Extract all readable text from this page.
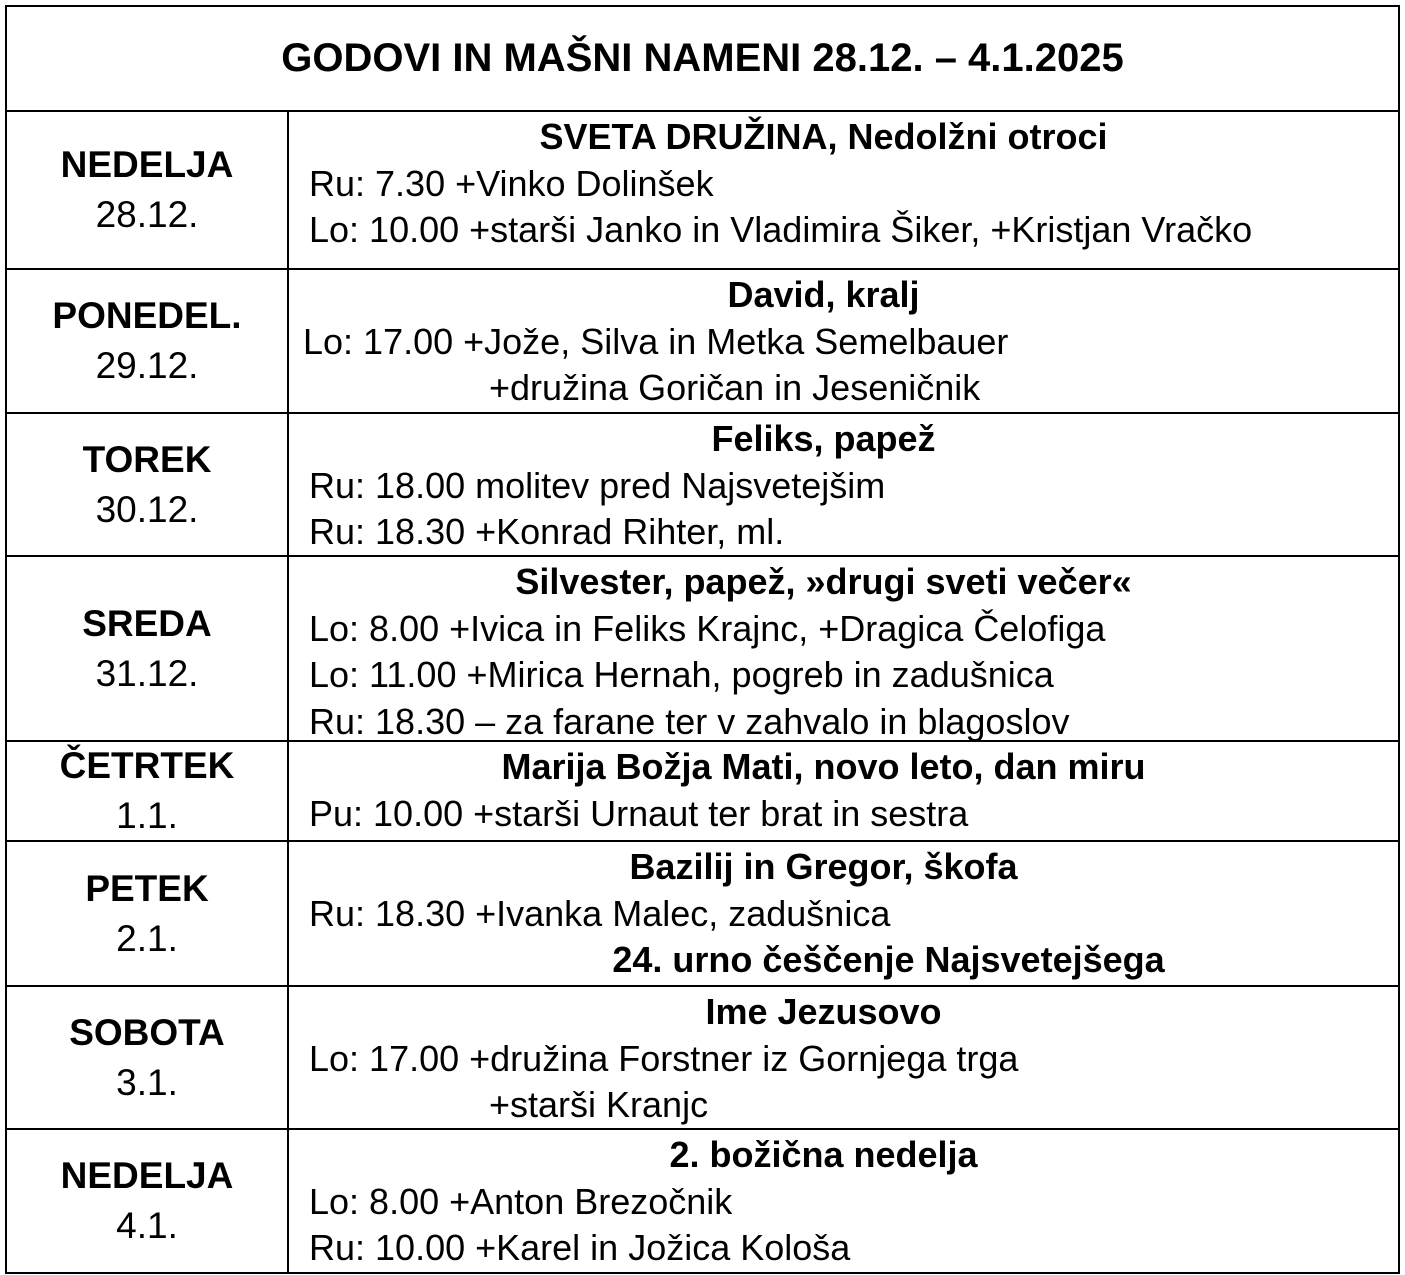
GODOVI IN MAŠNI NAMENI 28.12. – 4.1.2025
NEDELJA
28.12.
SVETA DRUŽINA, Nedolžni otroci
Ru: 7.30 +Vinko Dolinšek
Lo: 10.00 +starši Janko in Vladimira Šiker, +Kristjan Vračko
PONEDEL.
29.12.
David, kralj
Lo: 17.00 +Jože, Silva in Metka Semelbauer
+družina Goričan in Jeseničnik
TOREK
30.12.
Feliks, papež
Ru: 18.00 molitev pred Najsvetejšim
Ru: 18.30 +Konrad Rihter, ml.
SREDA
31.12.
Silvester, papež, »drugi sveti večer«
Lo: 8.00 +Ivica in Feliks Krajnc, +Dragica Čelofiga
Lo: 11.00 +Mirica Hernah, pogreb in zadušnica
Ru: 18.30 – za farane ter v zahvalo in blagoslov
ČETRTEK
1.1.
Marija Božja Mati, novo leto, dan miru
Pu: 10.00 +starši Urnaut ter brat in sestra
PETEK
2.1.
Bazilij in Gregor, škofa
Ru: 18.30 +Ivanka Malec, zadušnica
24. urno češčenje Najsvetejšega
SOBOTA
3.1.
Ime Jezusovo
Lo: 17.00 +družina Forstner iz Gornjega trga
+starši Kranjc
NEDELJA
4.1.
2. božična nedelja
Lo: 8.00 +Anton Brezočnik
Ru: 10.00 +Karel in Jožica Kološa
